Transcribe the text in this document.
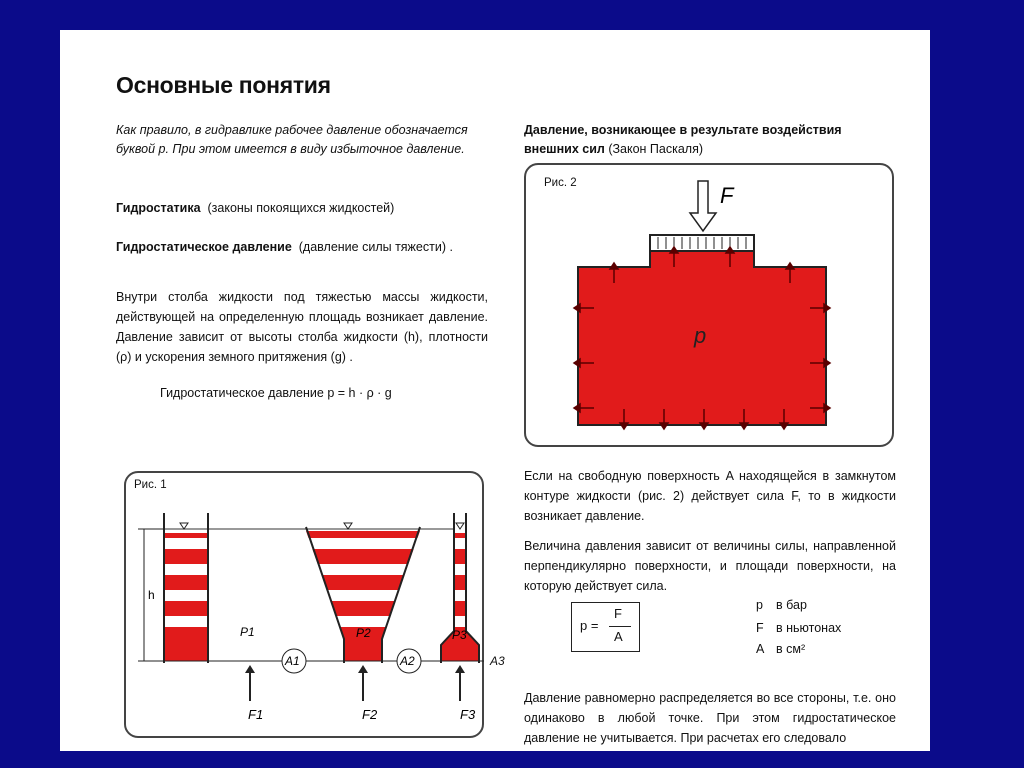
Основные понятия
Как правило, в гидравлике рабочее давление обозначается буквой p. При этом имеется в виду избыточное давление.
Гидростатика (законы покоящихся жидкостей)
Гидростатическое давление (давление силы тяжести) .
Внутри столба жидкости под тяжестью массы жидкости, действующей на определенную площадь возникает давление. Давление зависит от высоты столба жидкости (h), плотности (ρ) и ускорения земного притяжения (g) .
Гидростатическое давление p = h · ρ · g
Рис. 1
h
P1	P2	P3
A1	A2
F1	F2	F3
A3
Давление, возникающее в результате воздействия внешних сил (Закон Паскаля)
Рис. 2	F
p
Если на свободную поверхность A находящейся в замкнутом контуре жидкости (рис. 2) действует сила F, то в жидкости возникает давление.
Величина давления зависит от величины силы, направленной перпендикулярно поверхности, и площади поверхности, на которую действует сила.
p =
F
A
p в бар
F в ньютонах
A в см²
Давление равномерно распределяется во все стороны, т.е. оно одинаково в любой точке. При этом гидростатическое давление не учитывается. При расчетах его следовало
